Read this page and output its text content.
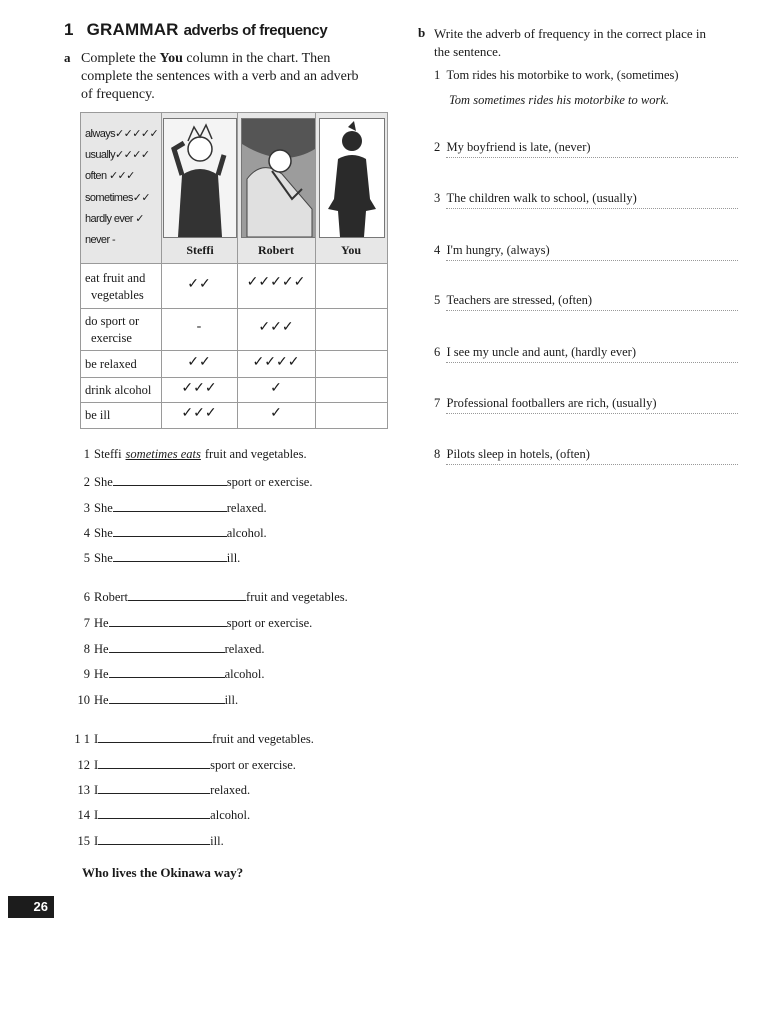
1 GRAMMAR adverbs of frequency
a Complete the You column in the chart. Then
complete the sentences with a verb and an adverb
of frequency.
always✓✓✓✓✓
usually✓✓✓✓
often ✓✓✓
sometimes✓✓
hardly ever ✓
never -
Steffi	Robert	You
eat fruit and
vegetables
✓✓	✓✓✓✓✓
do sport or
exercise
-	✓✓✓
be relaxed	✓✓	✓✓✓✓
drink alcohol	✓✓✓	✓
be ill	✓✓✓	✓
1 Steffi sometimes eats fruit and vegetables.
2 She	sport or exercise.
3 She	relaxed.
4 She	alcohol.
5 She	ill.
6 Robert	fruit and vegetables.
7 He	sport or exercise.
8 He	relaxed.
9 He	alcohol.
10 He	ill.
1 1 I	fruit and vegetables.
12 I	sport or exercise.
13 I	relaxed.
14 I	alcohol.
15 I	ill.
Who lives the Okinawa way?
b Write the adverb of frequency in the correct place in
the sentence.
1 Tom rides his motorbike to work, (sometimes)
Tom sometimes rides his motorbike to work.
2 My boyfriend is late, (never)
3 The children walk to school, (usually)
4 I'm hungry, (always)
5 Teachers are stressed, (often)
6 I see my uncle and aunt, (hardly ever)
7 Professional footballers are rich, (usually)
8 Pilots sleep in hotels, (often)
26
